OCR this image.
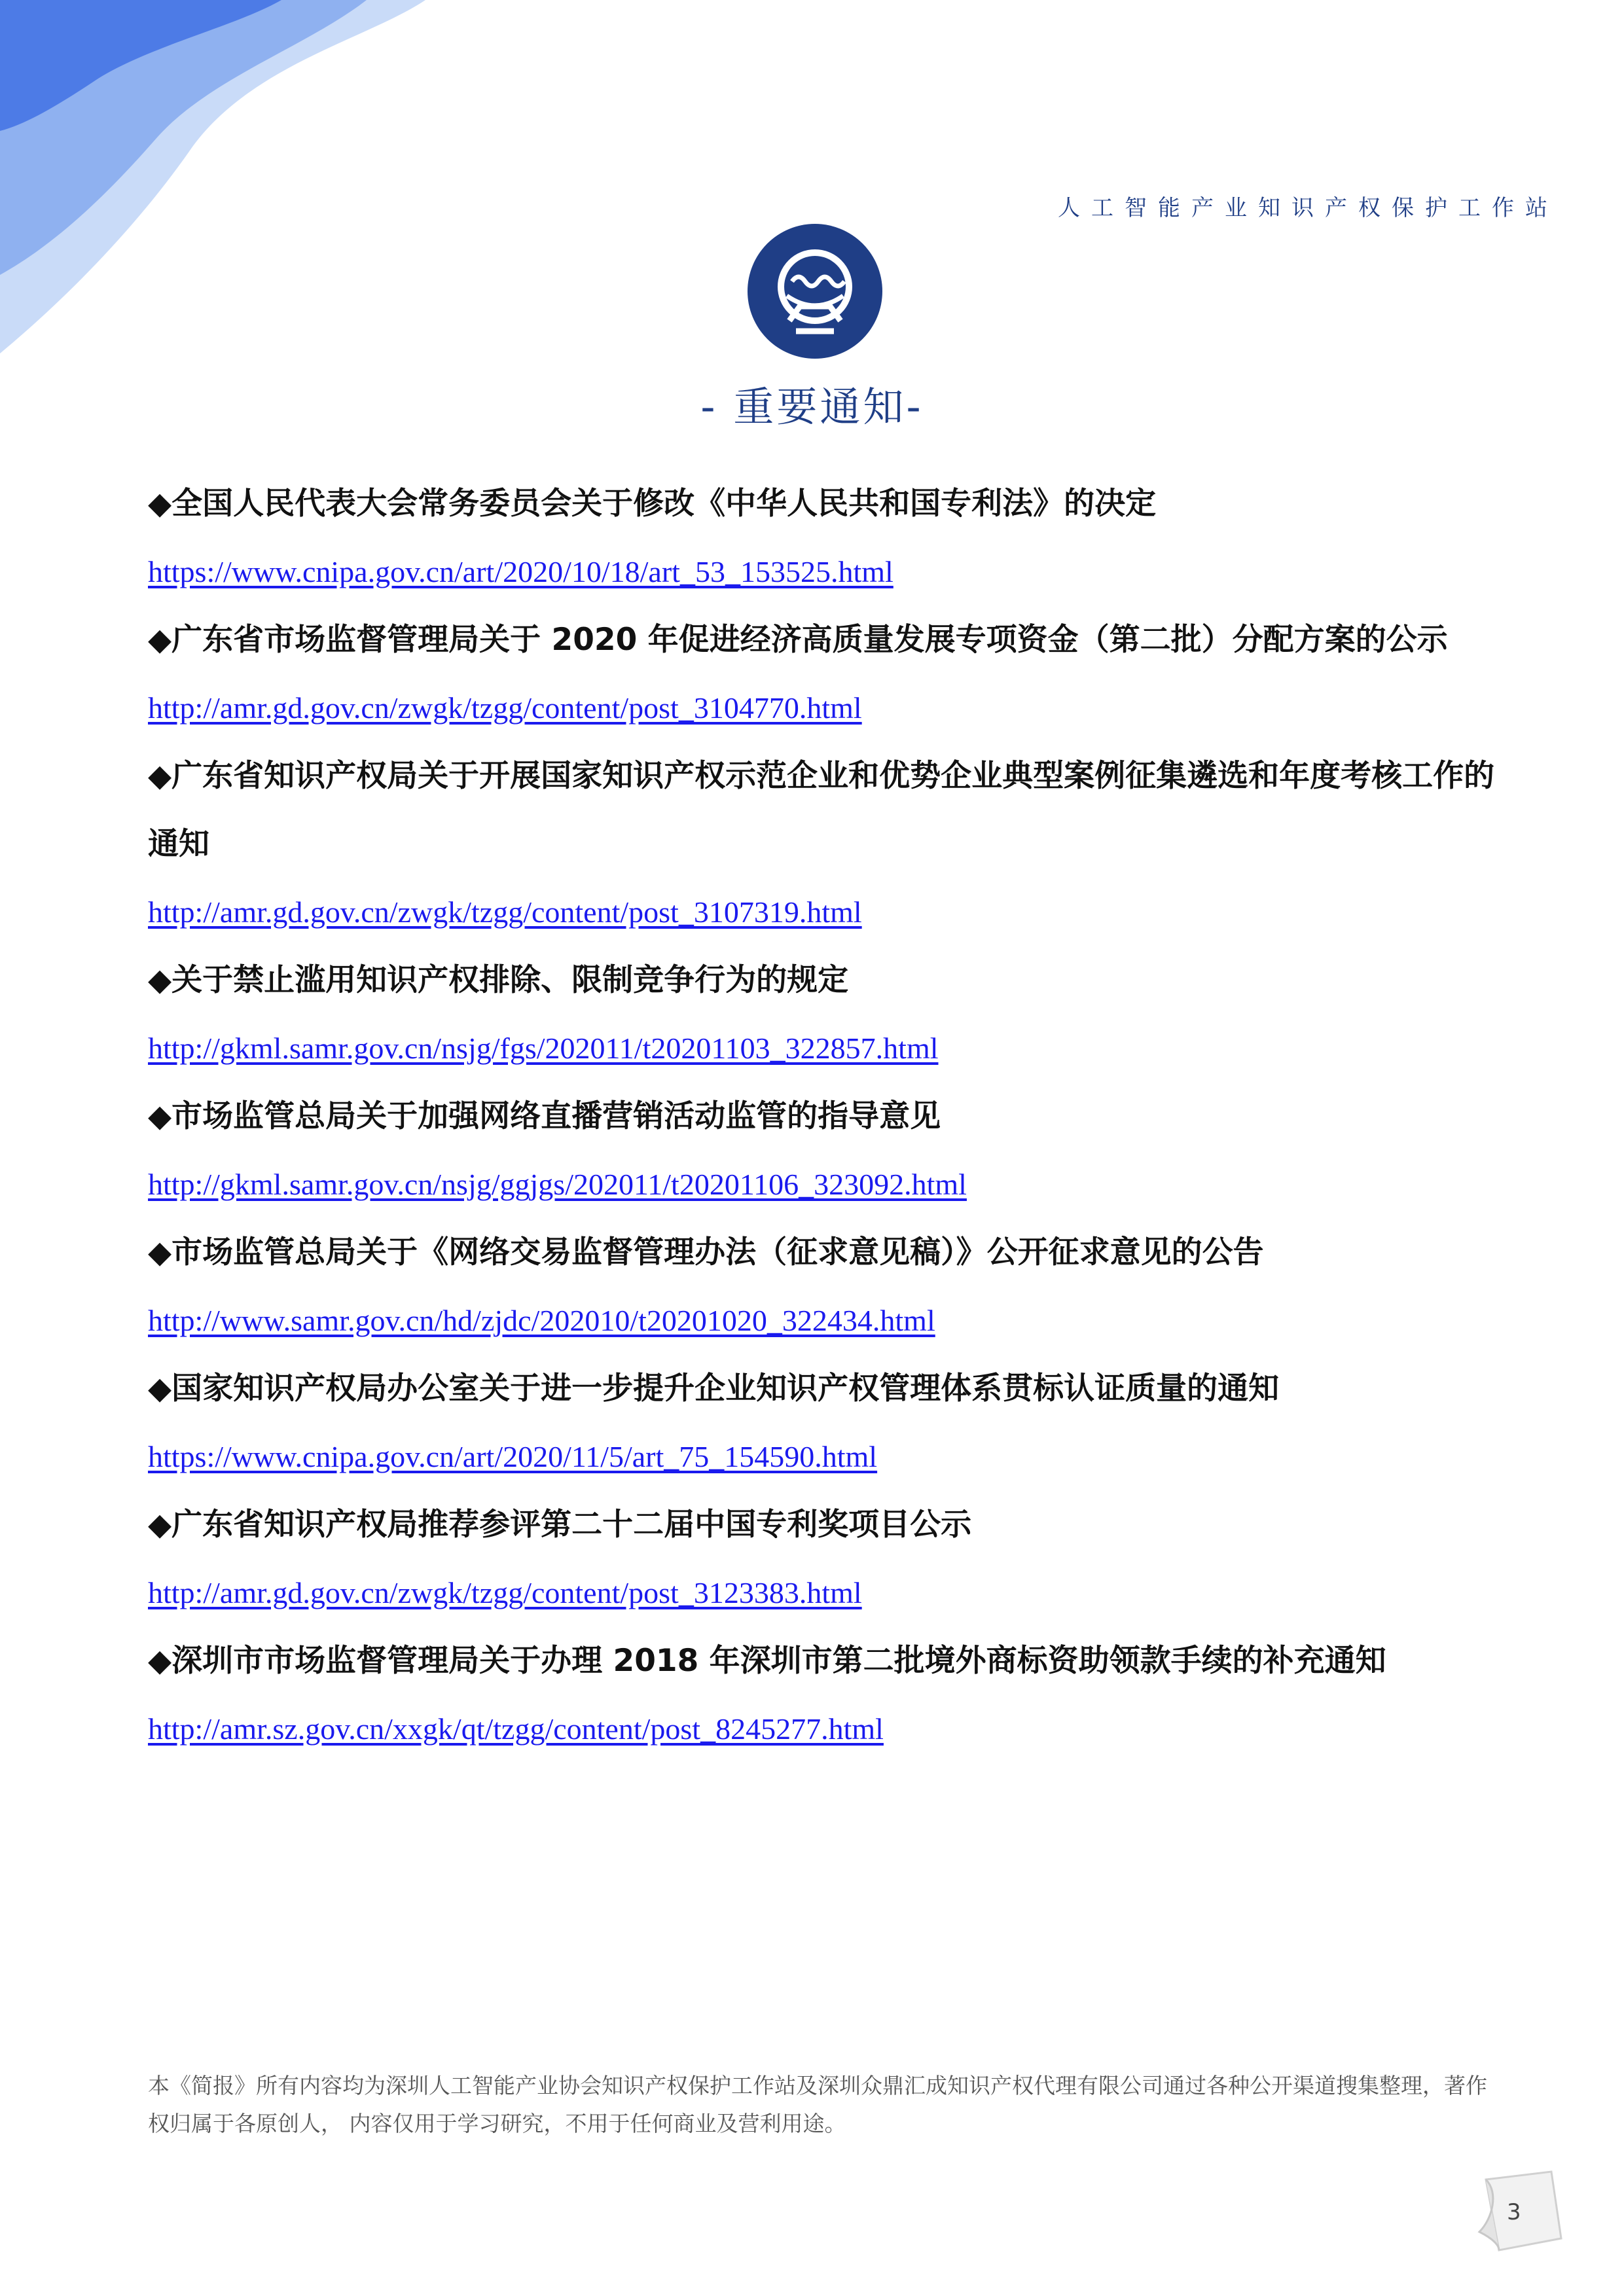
人工智能产业知识产权保护工作站
- 重要通知-

◆全国人民代表大会常务委员会关于修改《中华人民共和国专利法》的决定

https://www.cnipa.gov.cn/art/2020/10/18/art_53_153525.html

◆广东省市场监督管理局关于 2020 年促进经济高质量发展专项资金（第二批）分配方案的公示

http://amr.gd.gov.cn/zwgk/tzgg/content/post_3104770.html

◆广东省知识产权局关于开展国家知识产权示范企业和优势企业典型案例征集遴选和年度考核工作的通知

http://amr.gd.gov.cn/zwgk/tzgg/content/post_3107319.html

◆关于禁止滥用知识产权排除、限制竞争行为的规定

http://gkml.samr.gov.cn/nsjg/fgs/202011/t20201103_322857.html

◆市场监管总局关于加强网络直播营销活动监管的指导意见

http://gkml.samr.gov.cn/nsjg/ggjgs/202011/t20201106_323092.html

◆市场监管总局关于《网络交易监督管理办法（征求意见稿）》公开征求意见的公告

http://www.samr.gov.cn/hd/zjdc/202010/t20201020_322434.html

◆国家知识产权局办公室关于进一步提升企业知识产权管理体系贯标认证质量的通知

https://www.cnipa.gov.cn/art/2020/11/5/art_75_154590.html

◆广东省知识产权局推荐参评第二十二届中国专利奖项目公示

http://amr.gd.gov.cn/zwgk/tzgg/content/post_3123383.html

◆深圳市市场监督管理局关于办理 2018 年深圳市第二批境外商标资助领款手续的补充通知

http://amr.sz.gov.cn/xxgk/qt/tzgg/content/post_8245277.html
本《简报》所有内容均为深圳人工智能产业协会知识产权保护工作站及深圳众鼎汇成知识产权代理有限公司通过各种公开渠道搜集整理，著作权归属于各原创人， 内容仅用于学习研究，不用于任何商业及营利用途。
3
